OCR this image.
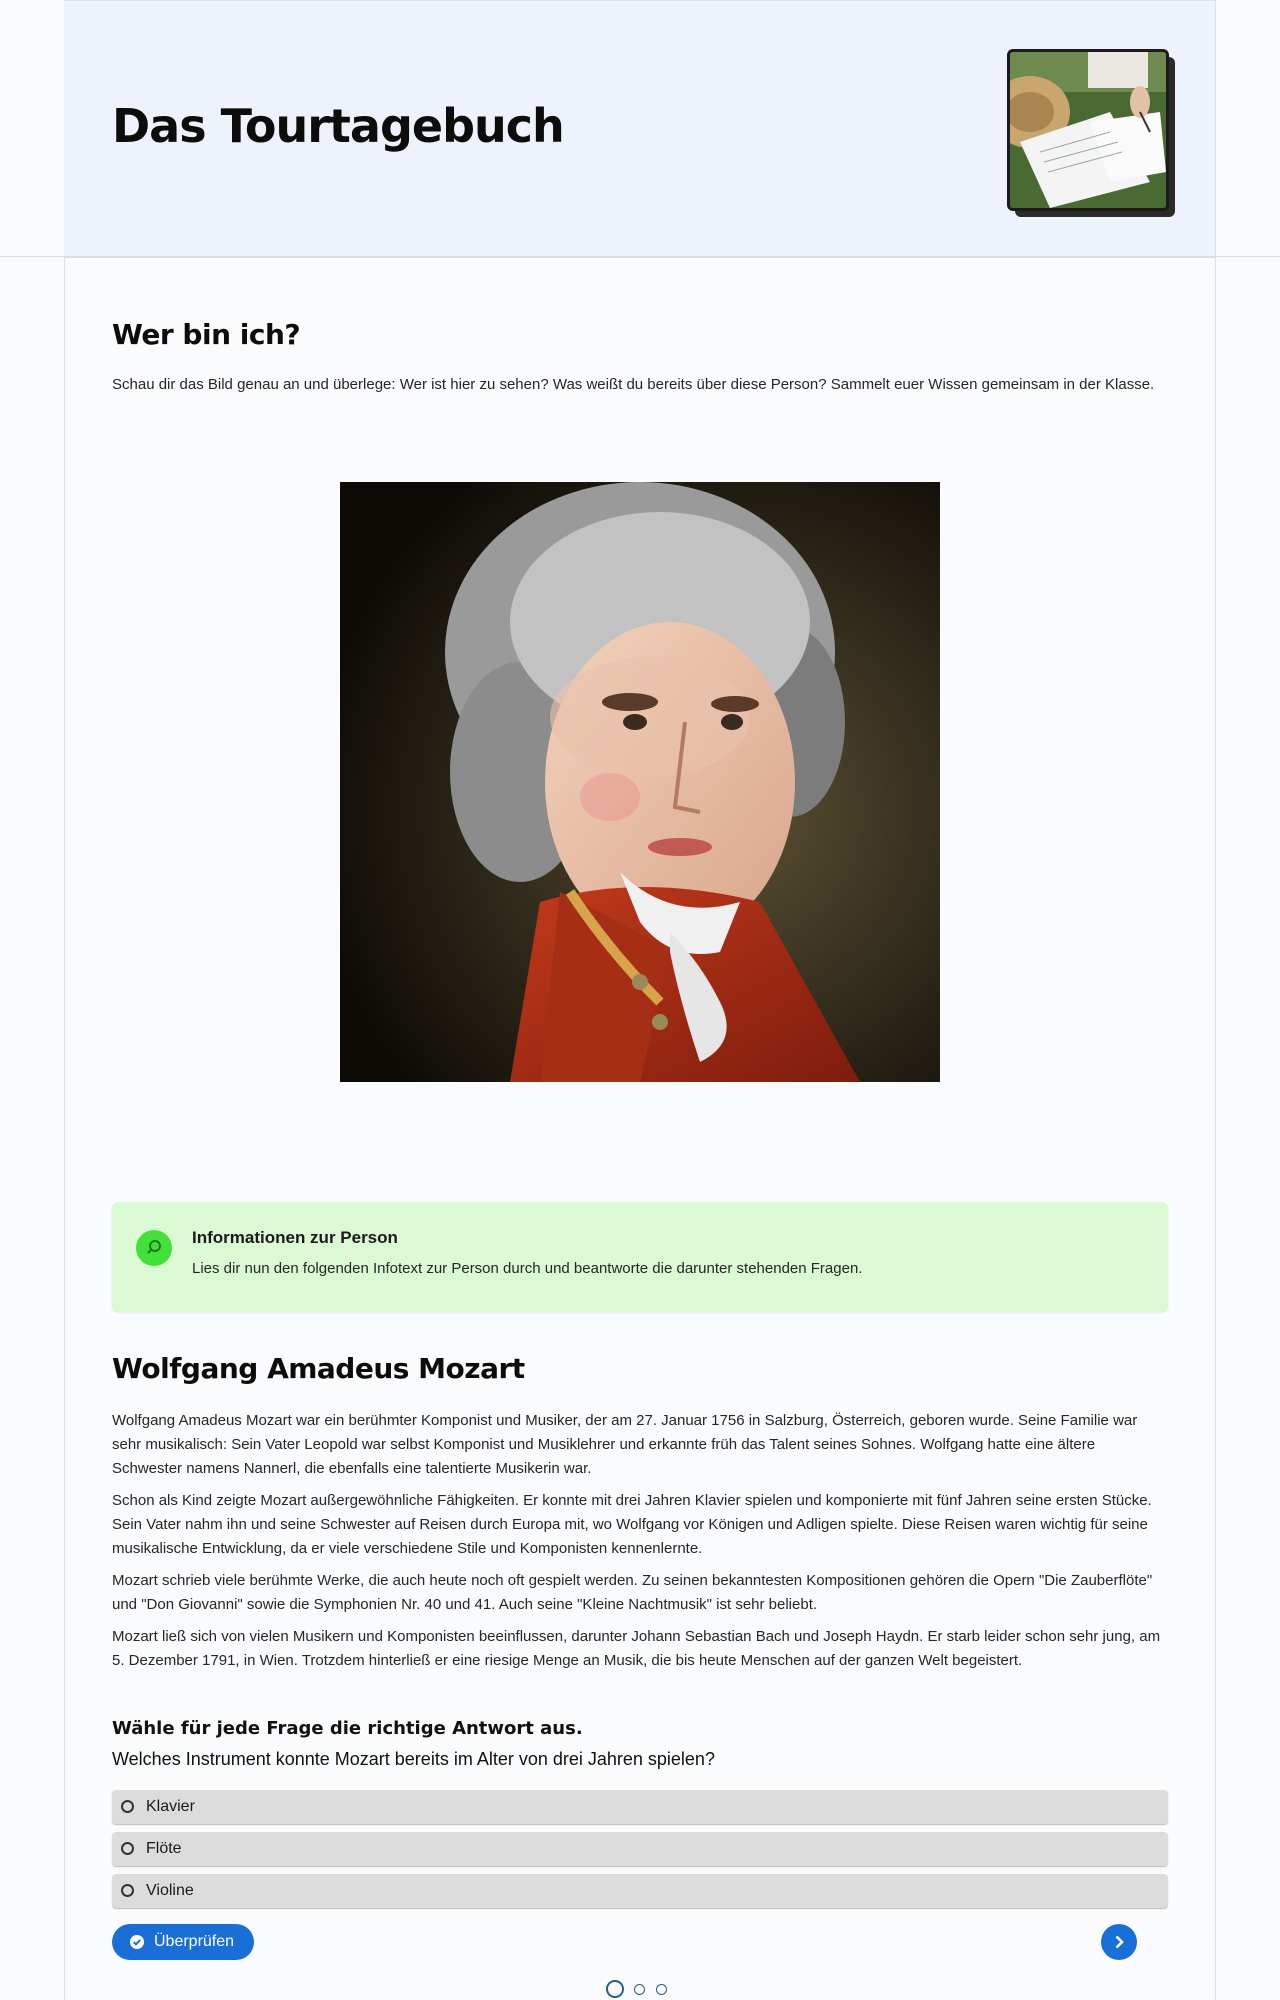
Das Tourtagebuch
Wer bin ich?

Schau dir das Bild genau an und überlege: Wer ist hier zu sehen? Was weißt du bereits über diese Person? Sammelt euer Wissen gemeinsam in der Klasse.

Informationen zur Person

Lies dir nun den folgenden Infotext zur Person durch und beantworte die darunter stehenden Fragen.

Wolfgang Amadeus Mozart

Wolfgang Amadeus Mozart war ein berühmter Komponist und Musiker, der am 27. Januar 1756 in Salzburg, Österreich, geboren wurde. Seine Familie war sehr musikalisch: Sein Vater Leopold war selbst Komponist und Musiklehrer und erkannte früh das Talent seines Sohnes. Wolfgang hatte eine ältere Schwester namens Nannerl, die ebenfalls eine talentierte Musikerin war.

Schon als Kind zeigte Mozart außergewöhnliche Fähigkeiten. Er konnte mit drei Jahren Klavier spielen und komponierte mit fünf Jahren seine ersten Stücke. Sein Vater nahm ihn und seine Schwester auf Reisen durch Europa mit, wo Wolfgang vor Königen und Adligen spielte. Diese Reisen waren wichtig für seine musikalische Entwicklung, da er viele verschiedene Stile und Komponisten kennenlernte.

Mozart schrieb viele berühmte Werke, die auch heute noch oft gespielt werden. Zu seinen bekanntesten Kompositionen gehören die Opern "Die Zauberflöte" und "Don Giovanni" sowie die Symphonien Nr. 40 und 41. Auch seine "Kleine Nachtmusik" ist sehr beliebt.

Mozart ließ sich von vielen Musikern und Komponisten beeinflussen, darunter Johann Sebastian Bach und Joseph Haydn. Er starb leider schon sehr jung, am 5. Dezember 1791, in Wien. Trotzdem hinterließ er eine riesige Menge an Musik, die bis heute Menschen auf der ganzen Welt begeistert.

Wähle für jede Frage die richtige Antwort aus.

Welches Instrument konnte Mozart bereits im Alter von drei Jahren spielen?

Klavier
Flöte
Violine
Überprüfen
